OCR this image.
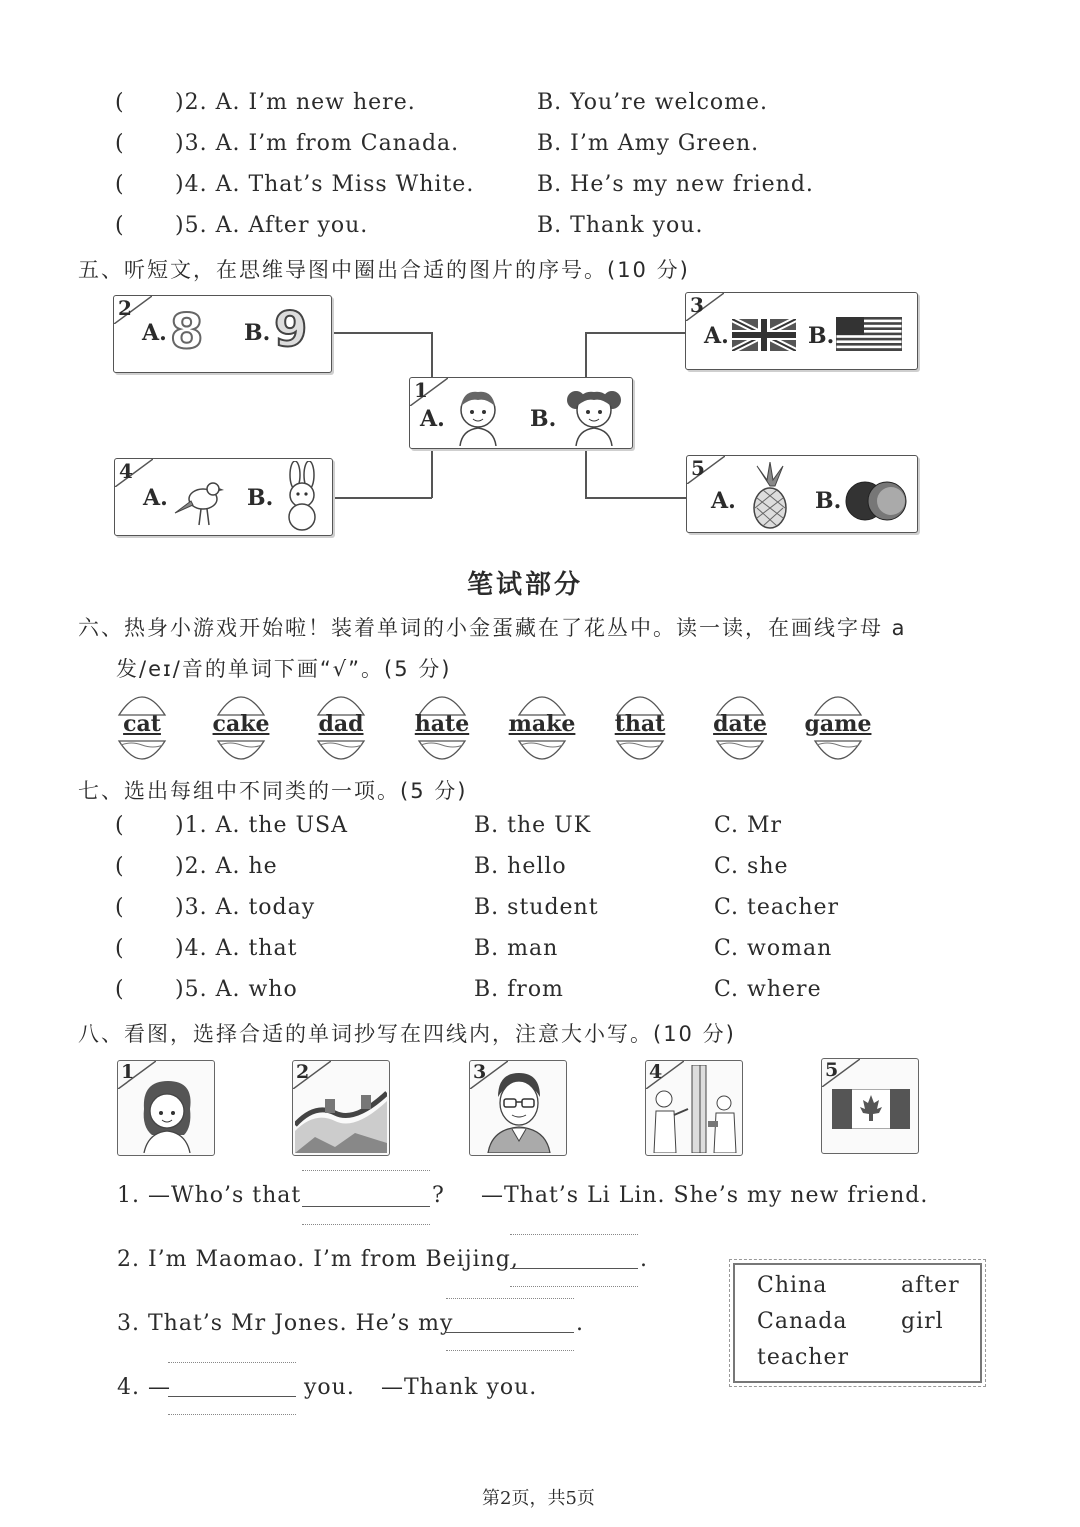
( )2. A. I’m new here.	B. You’re welcome.
( )3. A. I’m from Canada.	B. I’m Amy Green.
( )4. A. That’s Miss White.	B. He’s my new friend.
( )5. A. After you.	B. Thank you.
五、听短文，在思维导图中圈出合适的图片的序号。(10 分)
2
A. 8 B. 9	3
A.	B.
1
A.	B.
4
A.	B.
5
A.	B.
笔试部分
六、热身小游戏开始啦！装着单词的小金蛋藏在了花丛中。读一读，在画线字母 a
发/eɪ/音的单词下画“√”。(5 分)
cat	cake	dad	hate	make	that	date	game
七、选出每组中不同类的一项。(5 分)
( )1. A. the USA	B. the UK	C. Mr
( )2. A. he	B. hello	C. she
( )3. A. today	B. student	C. teacher
( )4. A. that	B. man	C. woman
( )5. A. who	B. from	C. where
八、看图，选择合适的单词抄写在四线内，注意大小写。(10 分)
1	2	3	4	5
1. —Who’s that	? —That’s Li Lin. She’s my new friend.
2. I’m Maomao. I’m from Beijing,	.
3. That’s Mr Jones. He’s my	.
4. —	you. —Thank you.
China	after
Canada girl
teacher
第2页，共5页
